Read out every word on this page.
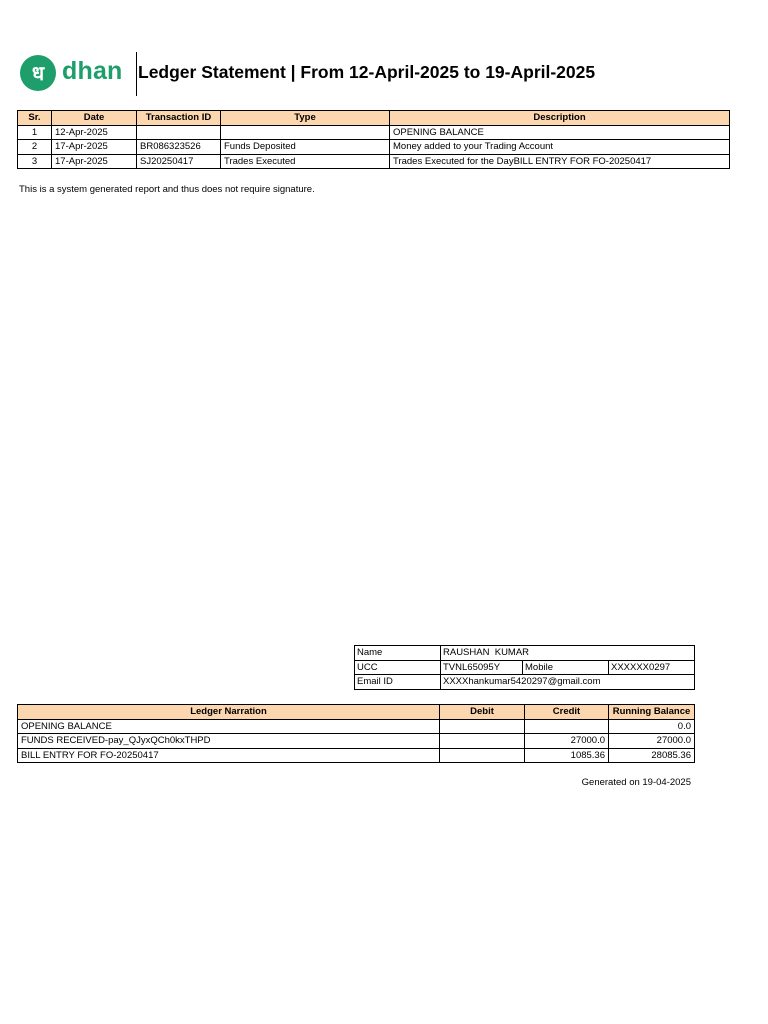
ध dhan Ledger Statement | From 12-April-2025 to 19-April-2025
Sr.	Date	Transaction ID	Type	Description
1	12-Apr-2025			OPENING BALANCE
2	17-Apr-2025	BR086323526	Funds Deposited	Money added to your Trading Account
3	17-Apr-2025	SJ20250417	Trades Executed	Trades Executed for the DayBILL ENTRY FOR FO-20250417
This is a system generated report and thus does not require signature.
Name	RAUSHAN  KUMAR		
UCC	TVNL65095Y	Mobile	XXXXXX0297
Email ID	XXXXhankumar5420297@gmail.com		
Ledger Narration	Debit	Credit	Running Balance
OPENING BALANCE			0.0
FUNDS RECEIVED-pay_QJyxQCh0kxTHPD		27000.0	27000.0
BILL ENTRY FOR FO-20250417		1085.36	28085.36
Generated on 19-04-2025
